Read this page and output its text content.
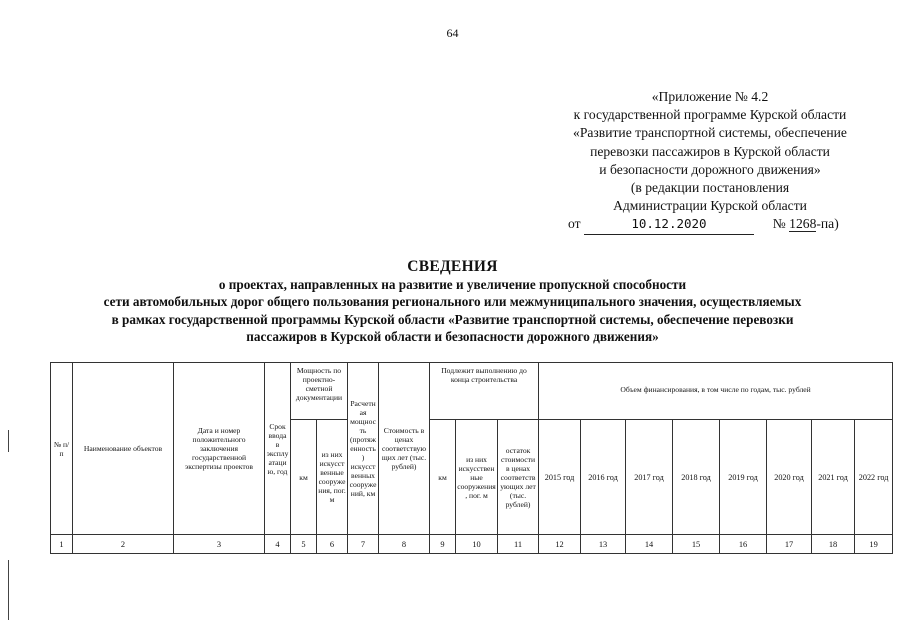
64
«Приложение № 4.2
к государственной программе Курской области
«Развитие транспортной системы, обеспечение
перевозки пассажиров в Курской области
и безопасности дорожного движения»
(в редакции постановления
Администрации Курской области
от	10.12.2020	№ 1268-па)
СВЕДЕНИЯ
о проектах, направленных на развитие и увеличение пропускной способности
сети автомобильных дорог общего пользования регионального или межмуниципального значения, осуществляемых
в рамках государственной программы Курской области «Развитие транспортной системы, обеспечение перевозки
пассажиров в Курской области и безопасности дорожного движения»
№ п/п	Наименование объектов	Дата и номер положительного заключения государственной экспертизы проектов	Срок ввода в эксплуатацию, год	Мощность по проектно-сметной документации		Расчетная мощность (протяженность) искусственных сооружений, км	Стоимость в ценах соответствующих лет (тыс. рублей)	Подлежит выполнению до конца строительства			Объем финансирования, в том числе по годам, тыс. рублей							
				км	из них искусственные сооружения, пог. м			км	из них искусственные сооружения, пог. м	остаток стоимости в ценах соответствующих лет (тыс. рублей)	2015 год	2016 год	2017 год	2018 год	2019 год	2020 год	2021 год	2022 год
1	2	3	4	5	6	7	8	9	10	11	12	13	14	15	16	17	18	19
